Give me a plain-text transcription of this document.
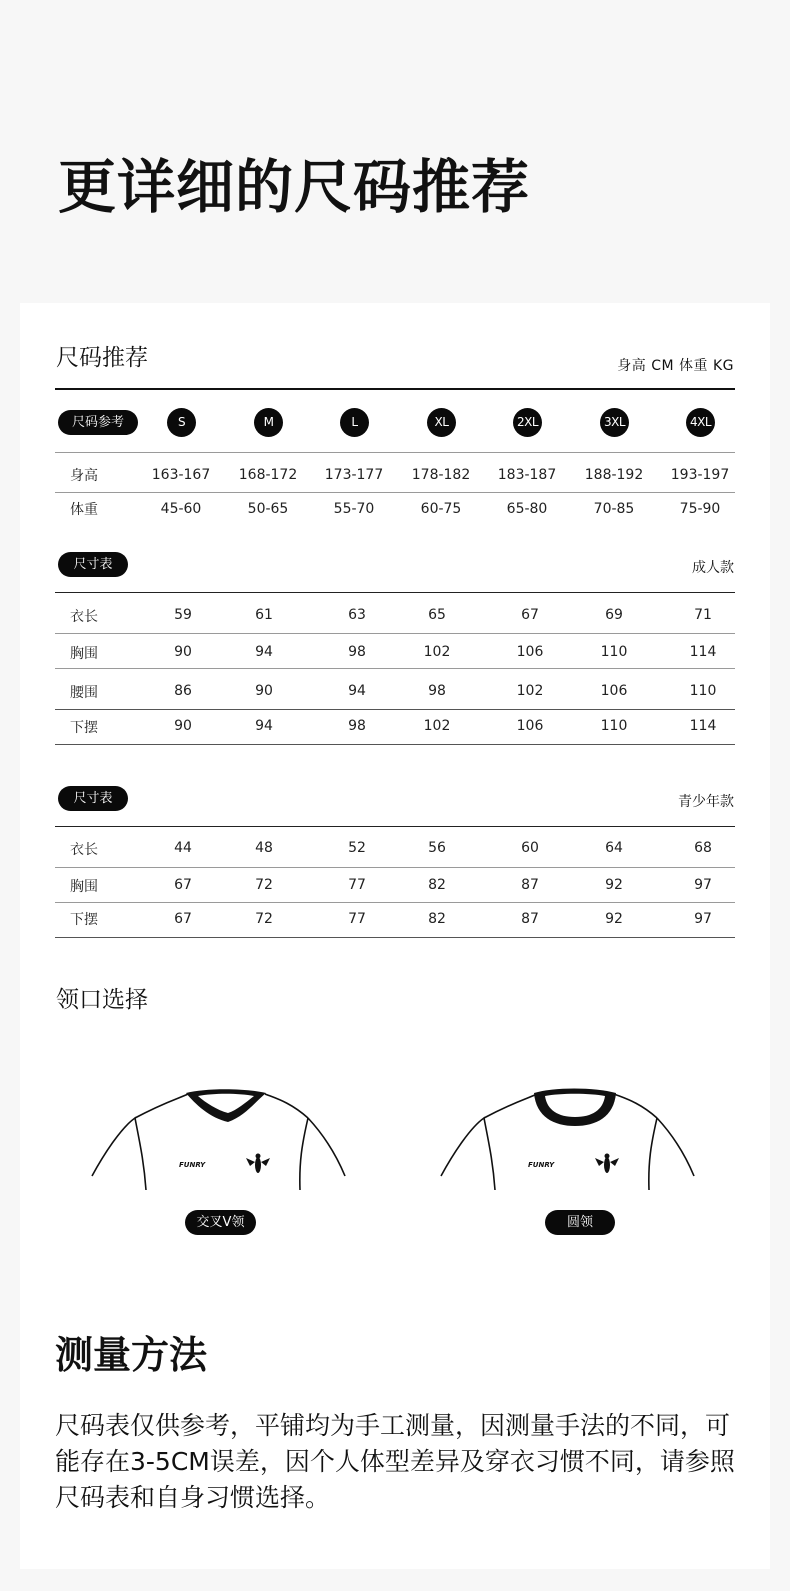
更详细的尺码推荐
尺码推荐	身高 CM 体重 KG
尺码参考	S	M	L	XL	2XL	3XL	4XL
身高	163-167	168-172	173-177	178-182	183-187	188-192	193-197
体重	45-60	50-65	55-70	60-75	65-80	70-85	75-90
尺寸表	成人款
衣长	59	61	63	65	67	69	71
胸围	90	94	98	102	106	110	114
腰围	86	90	94	98	102	106	110
下摆	90	94	98	102	106	110	114
尺寸表	青少年款
衣长	44	48	52	56	60	64	68
胸围	67	72	77	82	87	92	97
下摆	67	72	77	82	87	92	97
领口选择
FUNRY
交叉V领
FUNRY
圆领
测量方法

尺码表仅供参考，平铺均为手工测量，因测量手法的不同，可能存在3-5CM误差，因个人体型差异及穿衣习惯不同，请参照尺码表和自身习惯选择。
